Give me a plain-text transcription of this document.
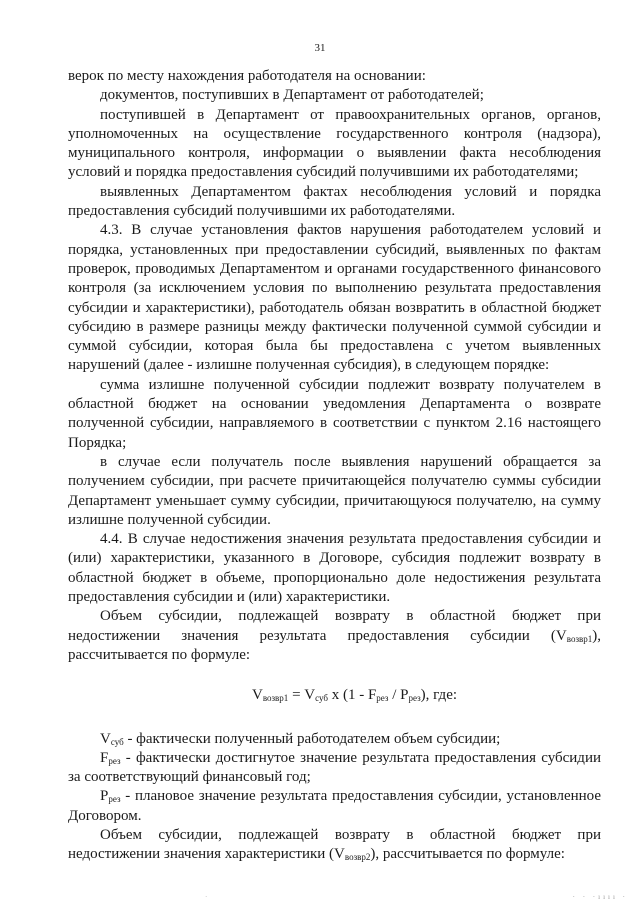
31

верок по месту нахождения работодателя на основании:

документов, поступивших в Департамент от работодателей;

поступившей в Департамент от правоохранительных органов, органов, уполномоченных на осуществление государственного контроля (надзора), муниципального контроля, информации о выявлении факта несоблюдения условий и порядка предоставления субсидий получившими их работодателями;

выявленных Департаментом фактах несоблюдения условий и порядка предоставления субсидий получившими их работодателями.

4.3. В случае установления фактов нарушения работодателем условий и порядка, установленных при предоставлении субсидий, выявленных по фактам проверок, проводимых Департаментом и органами государственного финансового контроля (за исключением условия по выполнению результата предоставления субсидии и характеристики), работодатель обязан возвратить в областной бюджет субсидию в размере разницы между фактически полученной суммой субсидии и суммой субсидии, которая была бы предоставлена с учетом выявленных нарушений (далее - излишне полученная субсидия), в следующем порядке:

сумма излишне полученной субсидии подлежит возврату получателем в областной бюджет на основании уведомления Департамента о возврате полученной субсидии, направляемого в соответствии с пунктом 2.16 настоящего Порядка;

в случае если получатель после выявления нарушений обращается за получением субсидии, при расчете причитающейся получателю суммы субсидии Департамент уменьшает сумму субсидии, причитающуюся получателю, на сумму излишне полученной субсидии.

4.4. В случае недостижения значения результата предоставления субсидии и (или) характеристики, указанного в Договоре, субсидия подлежит возврату в областной бюджет в объеме, пропорционально доле недостижения результата предоставления субсидии и (или) характеристики.

Объем субсидии, подлежащей возврату в областной бюджет при недостижении значения результата предоставления субсидии $(V_{возвр1})$, рассчитывается по формуле:

$V_{возвр1} = V_{суб}$ x $(1 - F_{рез} / P_{рез})$, где:

$V_{суб}$ - фактически полученный работодателем объем субсидии;

$F_{рез}$ - фактически достигнутое значение результата предоставления субсидии за соответствующий финансовый год;

$P_{рез}$ - плановое значение результата предоставления субсидии, установленное Договором.

Объем субсидии, подлежащей возврату в областной бюджет при недостижении значения характеристики $(V_{возвр2})$, рассчитывается по формуле:

·	· · ·ıııı ·
